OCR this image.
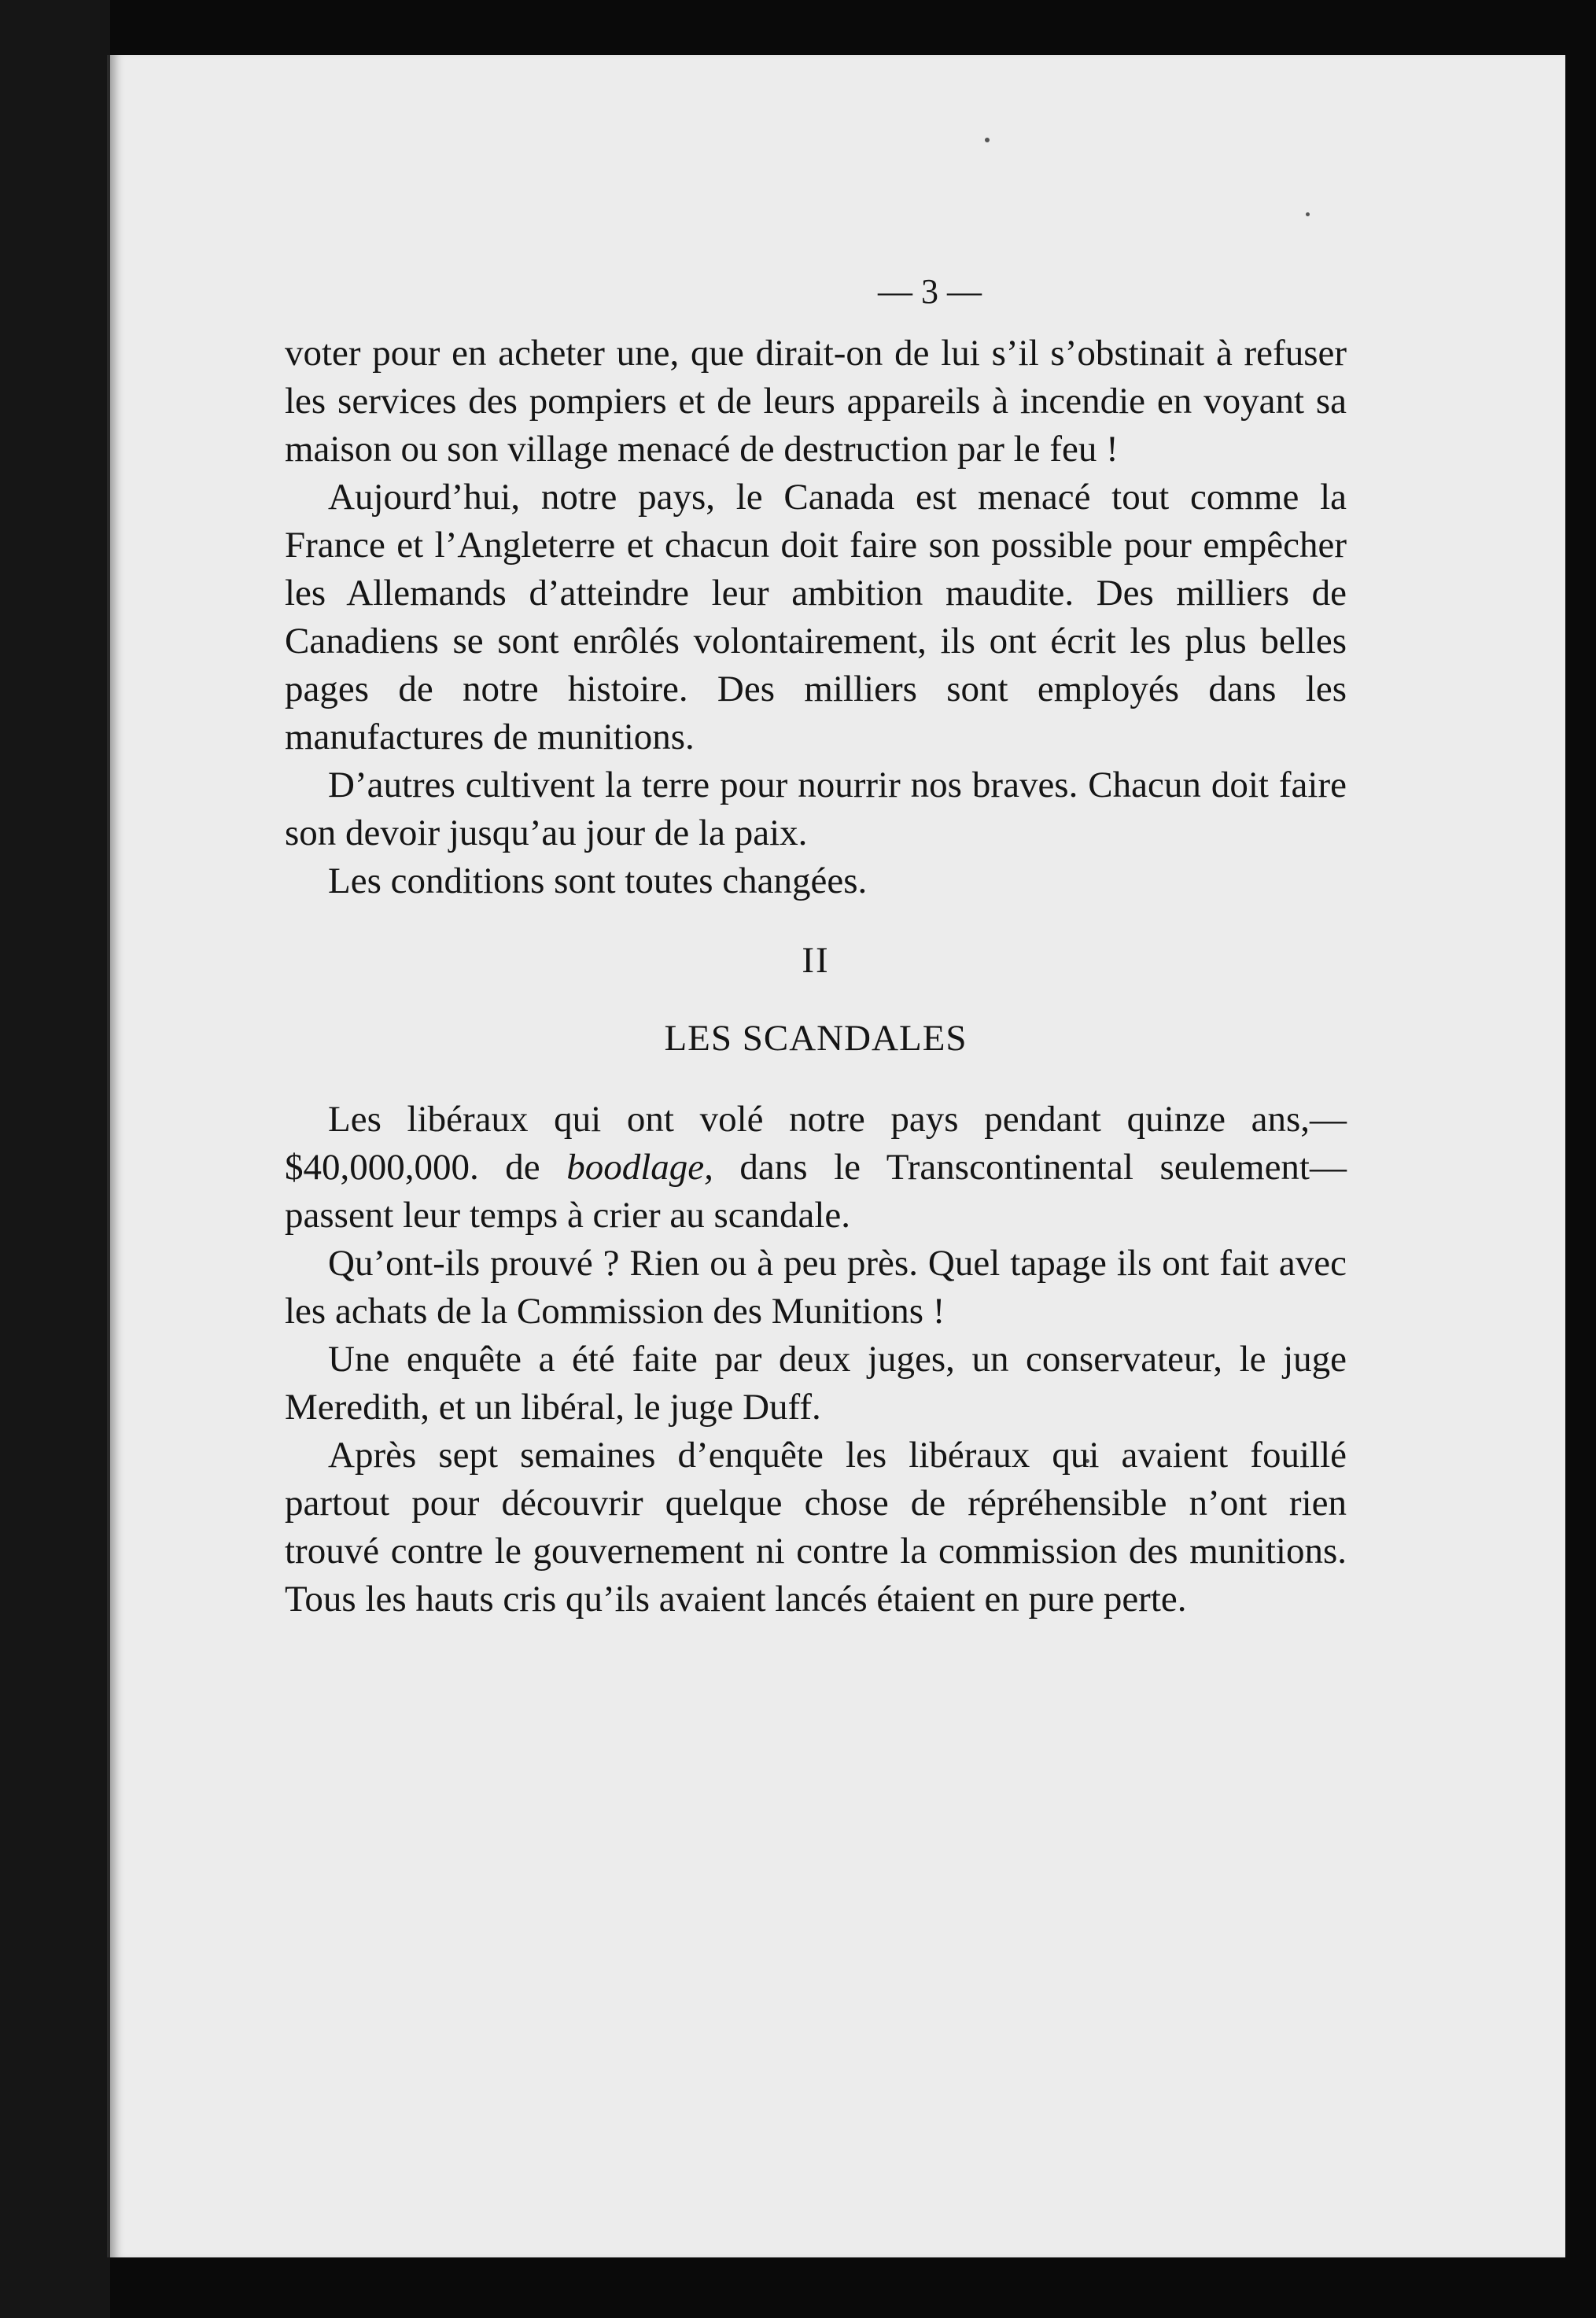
— 3 —

voter pour en acheter une, que dirait-on de lui s’il s’obstinait à refuser les services des pompiers et de leurs appareils à incendie en voyant sa maison ou son village menacé de destruction par le feu !

Aujourd’hui, notre pays, le Canada est menacé tout comme la France et l’Angleterre et chacun doit faire son possible pour empêcher les Allemands d’atteindre leur ambition maudite. Des milliers de Canadiens se sont enrôlés volontairement, ils ont écrit les plus belles pages de notre histoire. Des milliers sont employés dans les manufactures de munitions.

D’autres cultivent la terre pour nourrir nos braves. Chacun doit faire son devoir jusqu’au jour de la paix.

Les conditions sont toutes changées.

II
LES SCANDALES

Les libéraux qui ont volé notre pays pendant quinze ans,—$40,000,000. de boodlage, dans le Transcontinental seulement—passent leur temps à crier au scandale.

Qu’ont-ils prouvé ? Rien ou à peu près. Quel tapage ils ont fait avec les achats de la Commission des Munitions !

Une enquête a été faite par deux juges, un conservateur, le juge Meredith, et un libéral, le juge Duff.

Après sept semaines d’enquête les libéraux qui avaient fouillé partout pour découvrir quelque chose de répréhensible n’ont rien trouvé contre le gouvernement ni contre la commission des munitions. Tous les hauts cris qu’ils avaient lancés étaient en pure perte.
